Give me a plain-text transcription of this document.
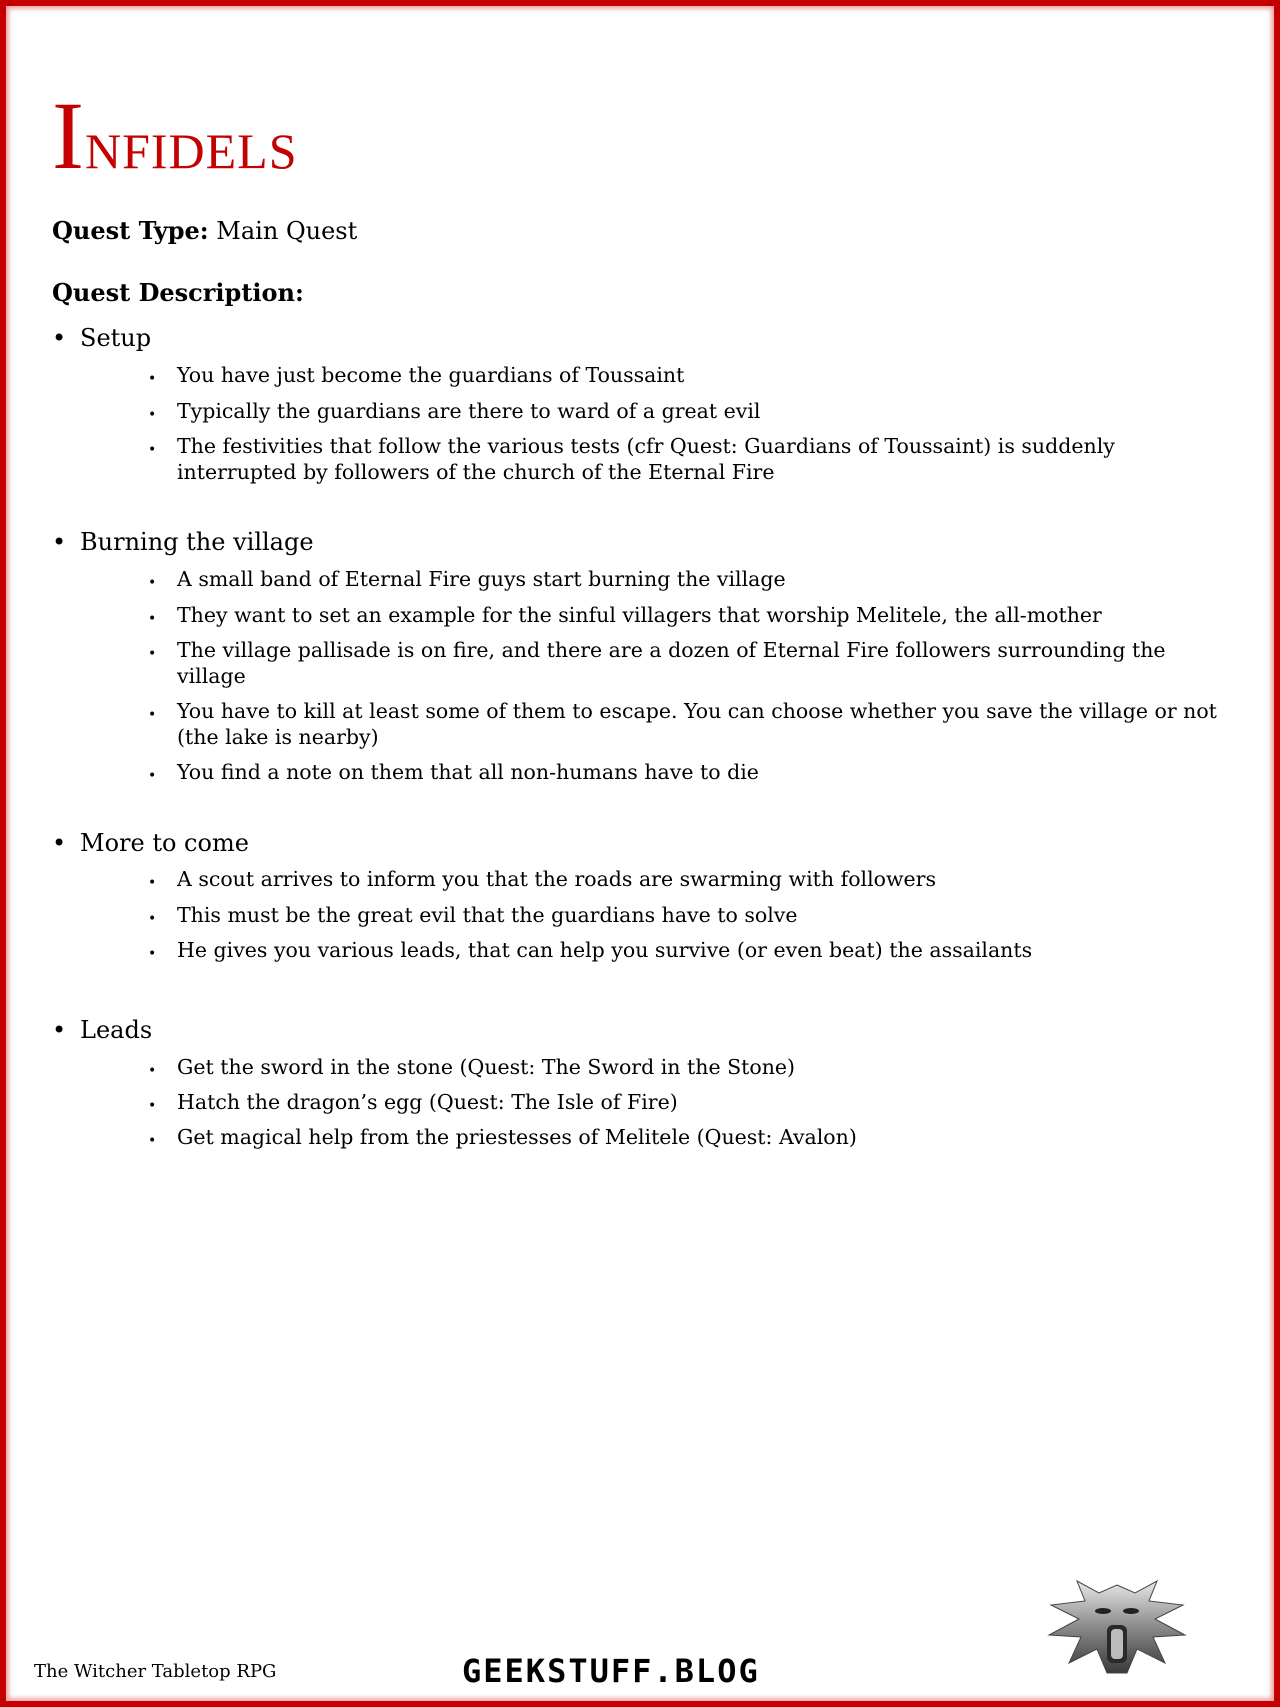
Infidels
Quest Type: Main Quest
Quest Description:
• Setup
• You have just become the guardians of Toussaint
• Typically the guardians are there to ward of a great evil
• The festivities that follow the various tests (cfr Quest: Guardians of Toussaint) is suddenly interrupted by followers of the church of the Eternal Fire
• Burning the village
• A small band of Eternal Fire guys start burning the village
• They want to set an example for the sinful villagers that worship Melitele, the all-mother
• The village pallisade is on fire, and there are a dozen of Eternal Fire followers surrounding the village
• You have to kill at least some of them to escape. You can choose whether you save the village or not (the lake is nearby)
• You find a note on them that all non-humans have to die
• More to come
• A scout arrives to inform you that the roads are swarming with followers
• This must be the great evil that the guardians have to solve
• He gives you various leads, that can help you survive (or even beat) the assailants
• Leads
• Get the sword in the stone (Quest: The Sword in the Stone)
• Hatch the dragon’s egg (Quest: The Isle of Fire)
• Get magical help from the priestesses of Melitele (Quest: Avalon)
The Witcher Tabletop RPG	GEEKSTUFF.BLOG
